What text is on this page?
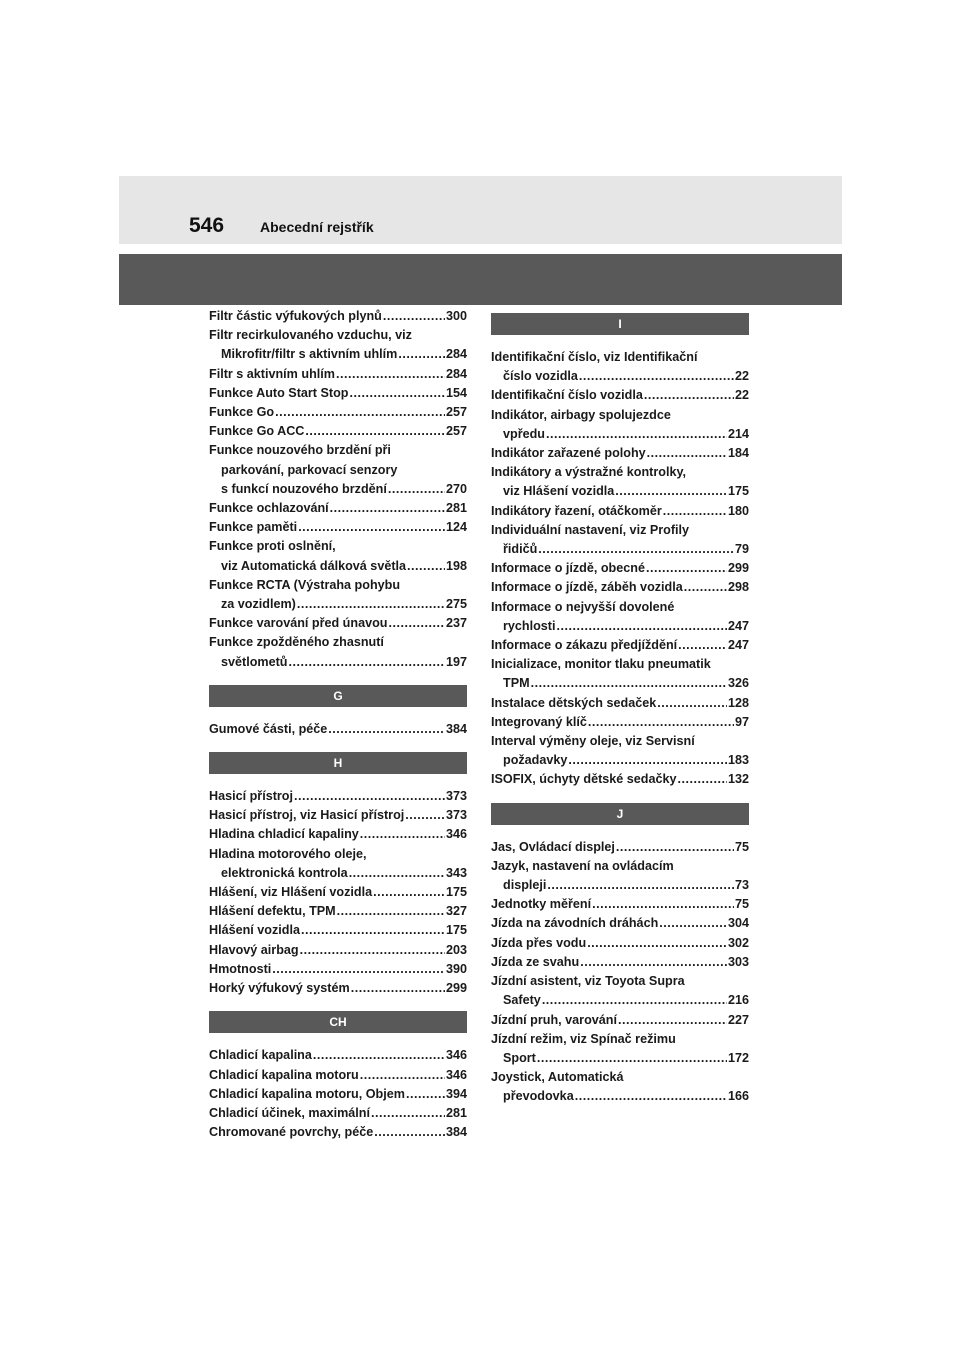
546	Abecední rejstřík
Filtr částic výfukových plynů .....	300
Filtr recirkulovaného vzduchu, viz
Mikrofitr/filtr s aktivním uhlím .....	284
Filtr s aktivním uhlím .....	284
Funkce Auto Start Stop .....	154
Funkce Go .....	257
Funkce Go ACC .....	257
Funkce nouzového brzdění při
parkování, parkovací senzory
s funkcí nouzového brzdění .....	270
Funkce ochlazování .....	281
Funkce paměti .....	124
Funkce proti oslnění,
viz Automatická dálková světla .....	198
Funkce RCTA (Výstraha pohybu
za vozidlem) .....	275
Funkce varování před únavou .....	237
Funkce zpožděného zhasnutí
světlometů .....	197
G
Gumové části, péče .....	384
H
Hasicí přístroj .....	373
Hasicí přístroj, viz Hasicí přístroj .....	373
Hladina chladicí kapaliny .....	346
Hladina motorového oleje,
elektronická kontrola .....	343
Hlášení, viz Hlášení vozidla .....	175
Hlášení defektu, TPM .....	327
Hlášení vozidla .....	175
Hlavový airbag .....	203
Hmotnosti .....	390
Horký výfukový systém .....	299
CH
Chladicí kapalina .....	346
Chladicí kapalina motoru .....	346
Chladicí kapalina motoru, Objem .....	394
Chladicí účinek, maximální .....	281
Chromované povrchy, péče .....	384
I
Identifikační číslo, viz Identifikační
číslo vozidla .....	22
Identifikační číslo vozidla .....	22
Indikátor, airbagy spolujezdce
vpředu .....	214
Indikátor zařazené polohy .....	184
Indikátory a výstražné kontrolky,
viz Hlášení vozidla .....	175
Indikátory řazení, otáčkoměr .....	180
Individuální nastavení, viz Profily
řidičů .....	79
Informace o jízdě, obecné .....	299
Informace o jízdě, záběh vozidla .....	298
Informace o nejvyšší dovolené
rychlosti .....	247
Informace o zákazu předjíždění .....	247
Inicializace, monitor tlaku pneumatik
TPM .....	326
Instalace dětských sedaček .....	128
Integrovaný klíč .....	97
Interval výměny oleje, viz Servisní
požadavky .....	183
ISOFIX, úchyty dětské sedačky .....	132
J
Jas, Ovládací displej .....	75
Jazyk, nastavení na ovládacím
displeji .....	73
Jednotky měření .....	75
Jízda na závodních dráhách .....	304
Jízda přes vodu .....	302
Jízda ze svahu .....	303
Jízdní asistent, viz Toyota Supra
Safety .....	216
Jízdní pruh, varování .....	227
Jízdní režim, viz Spínač režimu
Sport .....	172
Joystick, Automatická
převodovka .....	166
